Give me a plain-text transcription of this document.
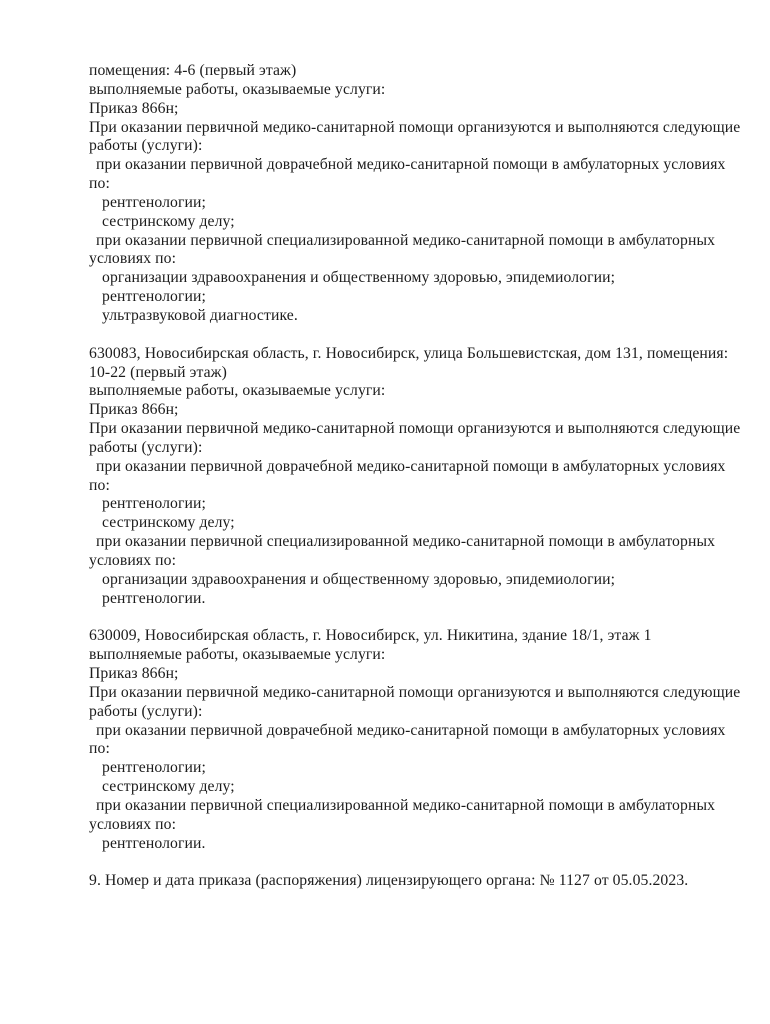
помещения: 4-6 (первый этаж)
выполняемые работы, оказываемые услуги:
Приказ 866н;
При оказании первичной медико-санитарной помощи организуются и выполняются следующие
работы (услуги):
при оказании первичной доврачебной медико-санитарной помощи в амбулаторных условиях
по:
рентгенологии;
сестринскому делу;
при оказании первичной специализированной медико-санитарной помощи в амбулаторных
условиях по:
организации здравоохранения и общественному здоровью, эпидемиологии;
рентгенологии;
ультразвуковой диагностике.
630083, Новосибирская область, г. Новосибирск, улица Большевистская, дом 131, помещения:
10-22 (первый этаж)
выполняемые работы, оказываемые услуги:
Приказ 866н;
При оказании первичной медико-санитарной помощи организуются и выполняются следующие
работы (услуги):
при оказании первичной доврачебной медико-санитарной помощи в амбулаторных условиях
по:
рентгенологии;
сестринскому делу;
при оказании первичной специализированной медико-санитарной помощи в амбулаторных
условиях по:
организации здравоохранения и общественному здоровью, эпидемиологии;
рентгенологии.
630009, Новосибирская область, г. Новосибирск, ул. Никитина, здание 18/1, этаж 1
выполняемые работы, оказываемые услуги:
Приказ 866н;
При оказании первичной медико-санитарной помощи организуются и выполняются следующие
работы (услуги):
при оказании первичной доврачебной медико-санитарной помощи в амбулаторных условиях
по:
рентгенологии;
сестринскому делу;
при оказании первичной специализированной медико-санитарной помощи в амбулаторных
условиях по:
рентгенологии.
9. Номер и дата приказа (распоряжения) лицензирующего органа: № 1127 от 05.05.2023.
